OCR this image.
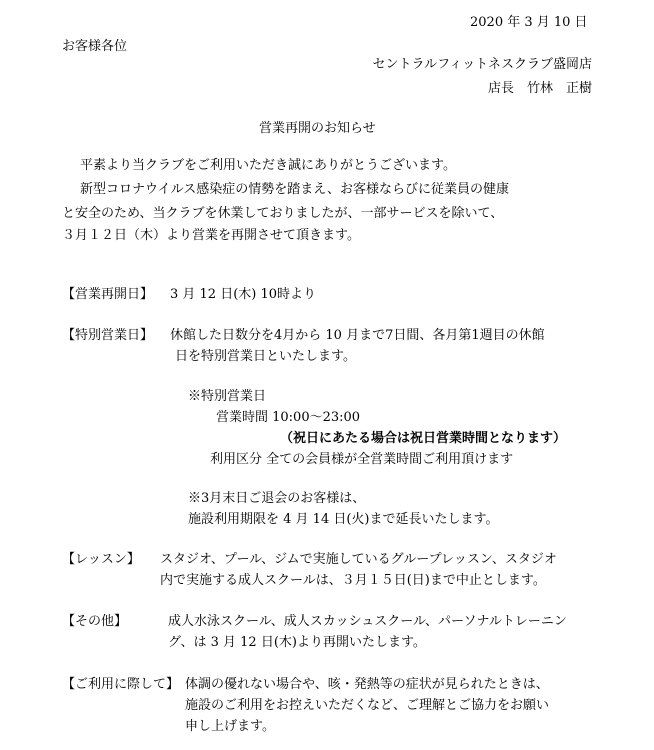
2020 年 3 月 10 日
お客様各位
セントラルフィットネスクラブ盛岡店
店長　竹林　正樹
営業再開のお知らせ
平素より当クラブをご利用いただき誠にありがとうございます。
新型コロナウイルス感染症の情勢を踏まえ、お客様ならびに従業員の健康
と安全のため、当クラブを休業しておりましたが、一部サービスを除いて、
３月１２日（木）より営業を再開させて頂きます。
【営業再開日】 3 月 12 日(木) 10時より
【特別営業日】 休館した日数分を4月から 10 月まで7日間、各月第1週目の休館
日を特別営業日といたします。
※特別営業日
営業時間 10:00～23:00
（祝日にあたる場合は祝日営業時間となります）
利用区分 全ての会員様が全営業時間ご利用頂けます
※3月末日ご退会のお客様は、
施設利用期限を 4 月 14 日(火)まで延長いたします。
【レッスン】 スタジオ、プール、ジムで実施しているグループレッスン、スタジオ
内で実施する成人スクールは、３月１５日(日)まで中止とします。
【その他】	成人水泳スクール、成人スカッシュスクール、パーソナルトレーニン
グ、は 3 月 12 日(木)より再開いたします。
【ご利用に際して】 体調の優れない場合や、咳・発熱等の症状が見られたときは、
施設のご利用をお控えいただくなど、ご理解とご協力をお願い
申し上げます。
